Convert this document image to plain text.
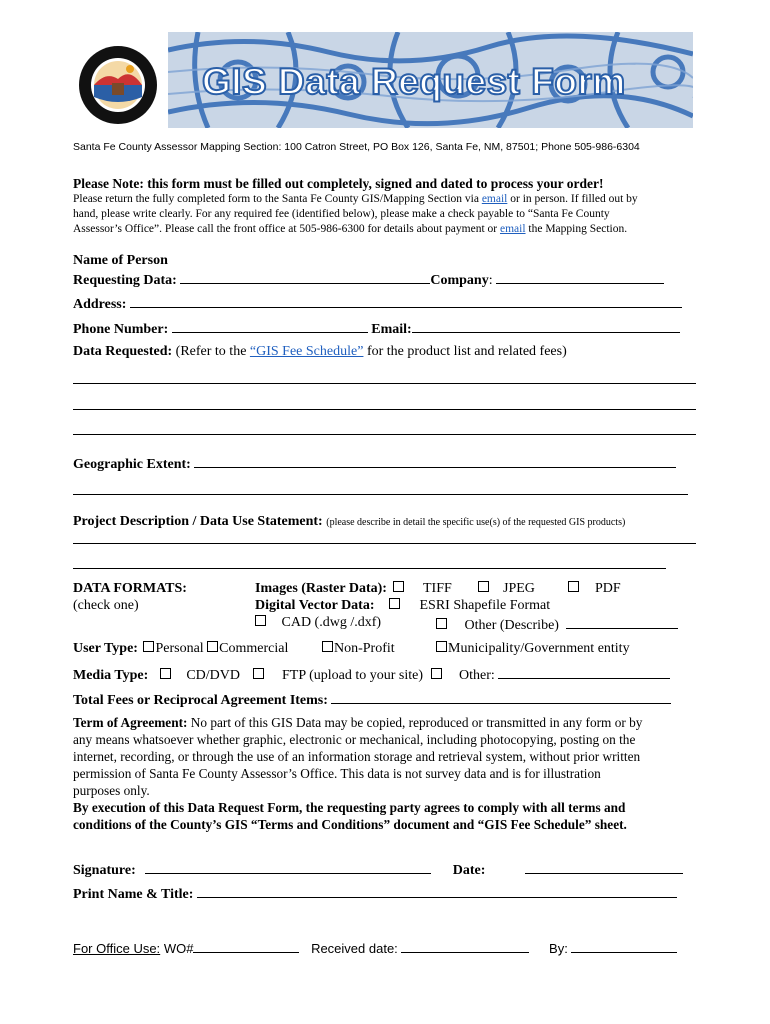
GIS Data Request Form
Santa Fe County Assessor Mapping Section: 100 Catron Street, PO Box 126, Santa Fe, NM, 87501; Phone 505-986-6304
Please Note: this form must be filled out completely, signed and dated to process your order!
Please return the fully completed form to the Santa Fe County GIS/Mapping Section via email or in person. If filled out by
hand, please write clearly. For any required fee (identified below), please make a check payable to “Santa Fe County
Assessor’s Office”. Please call the front office at 505-986-6300 for details about payment or email the Mapping Section.
Name of Person
Requesting Data:	Company:
Address:
Phone Number:	Email:
Data Requested: (Refer to the “GIS Fee Schedule” for the product list and related fees)
Geographic Extent:
Project Description / Data Use Statement: (please describe in detail the specific use(s) of the requested GIS products)
DATA FORMATS:
(check one)
Images (Raster Data):	TIFF	JPEG	PDF
Digital Vector Data:	ESRI Shapefile Format
CAD (.dwg /.dxf)	Other (Describe)
User Type: Personal Commercial	Non-Profit	Municipality/Government entity
Media Type:	CD/DVD	FTP (upload to your site)	Other:
Total Fees or Reciprocal Agreement Items:
Term of Agreement: No part of this GIS Data may be copied, reproduced or transmitted in any form or by
any means whatsoever whether graphic, electronic or mechanical, including photocopying, posting on the
internet, recording, or through the use of an information storage and retrieval system, without prior written
permission of Santa Fe County Assessor’s Office. This data is not survey data and is for illustration
purposes only.
By execution of this Data Request Form, the requesting party agrees to comply with all terms and
conditions of the County’s GIS “Terms and Conditions” document and “GIS Fee Schedule” sheet.
Signature:	Date:
Print Name & Title:
For Office Use: WO#	Received date:	By:
